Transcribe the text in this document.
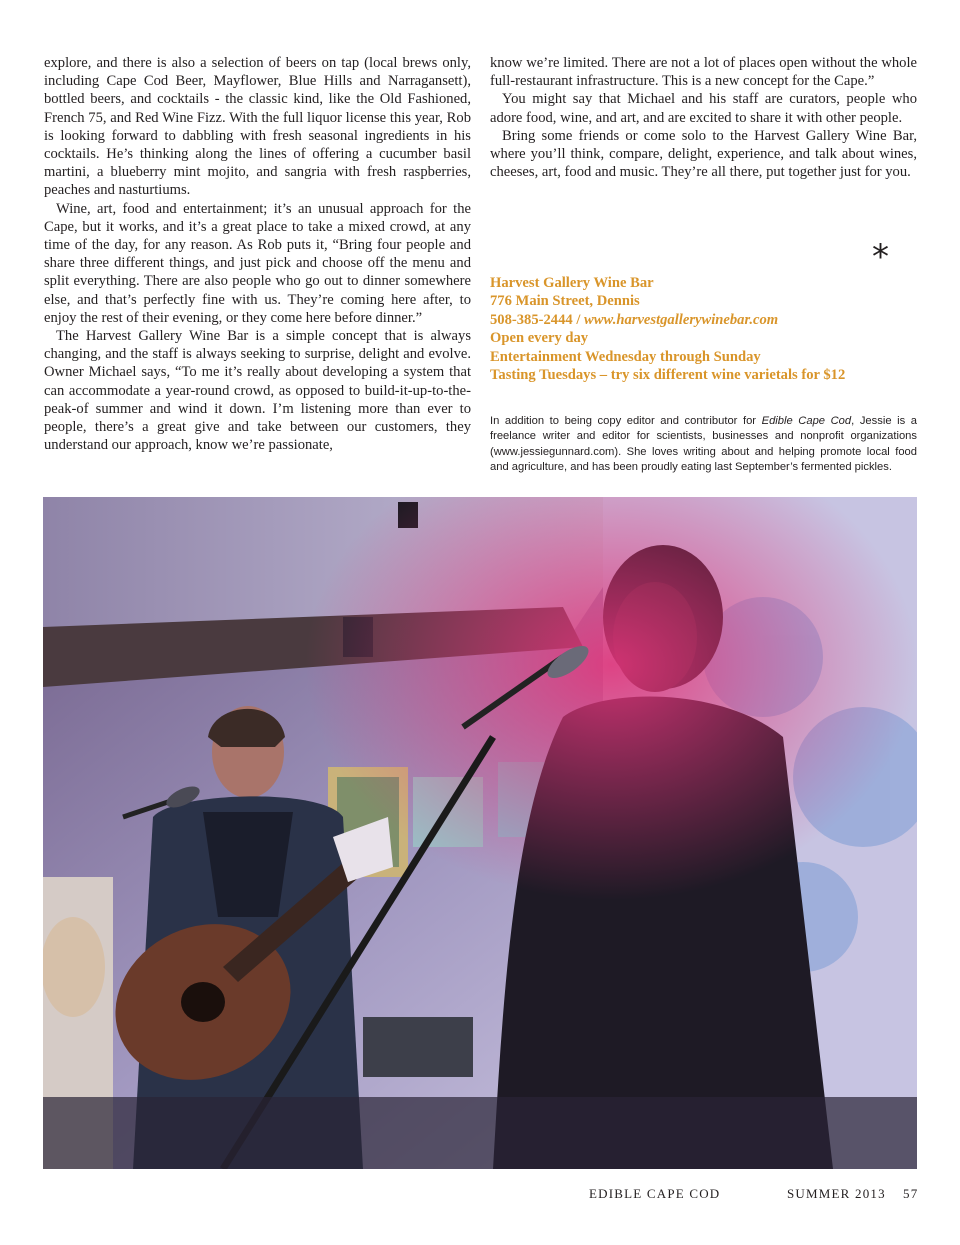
explore, and there is also a selection of beers on tap (local brews only, including Cape Cod Beer, Mayflower, Blue Hills and Narragansett), bottled beers, and cocktails - the classic kind, like the Old Fashioned, French 75, and Red Wine Fizz. With the full liquor license this year, Rob is looking forward to dabbling with fresh seasonal ingredients in his cocktails. He’s thinking along the lines of offering a cucumber basil martini, a blueberry mint mojito, and sangria with fresh raspberries, peaches and nasturtiums.

Wine, art, food and entertainment; it’s an unusual approach for the Cape, but it works, and it’s a great place to take a mixed crowd, at any time of the day, for any reason. As Rob puts it, “Bring four people and share three different things, and just pick and choose off the menu and split everything. There are also people who go out to dinner somewhere else, and that’s perfectly fine with us. They’re coming here after, to enjoy the rest of their evening, or they come here before dinner.”

The Harvest Gallery Wine Bar is a simple concept that is always changing, and the staff is always seeking to surprise, delight and evolve. Owner Michael says, “To me it’s really about developing a system that can accommodate a year-round crowd, as opposed to build-it-up-to-the-peak-of summer and wind it down. I’m listening more than ever to people, there’s a great give and take between our customers, they understand our approach, know we’re passionate,

know we’re limited. There are not a lot of places open without the whole full-restaurant infrastructure. This is a new concept for the Cape.”

You might say that Michael and his staff are curators, people who adore food, wine, and art, and are excited to share it with other people.

Bring some friends or come solo to the Harvest Gallery Wine Bar, where you’ll think, compare, delight, experience, and talk about wines, cheeses, art, food and music. They’re all there, put together just for you.

*
Harvest Gallery Wine Bar
776 Main Street, Dennis
508-385-2444 / www.harvestgallerywinebar.com
Open every day
Entertainment Wednesday through Sunday
Tasting Tuesdays – try six different wine varietals for $12
In addition to being copy editor and contributor for Edible Cape Cod, Jessie is a freelance writer and editor for scientists, businesses and nonprofit organizations (www.jessiegunnard.com). She loves writing about and helping promote local food and agriculture, and has been proudly eating last September’s fermented pickles.
EDIBLE CAPE COD	SUMMER 2013 57
